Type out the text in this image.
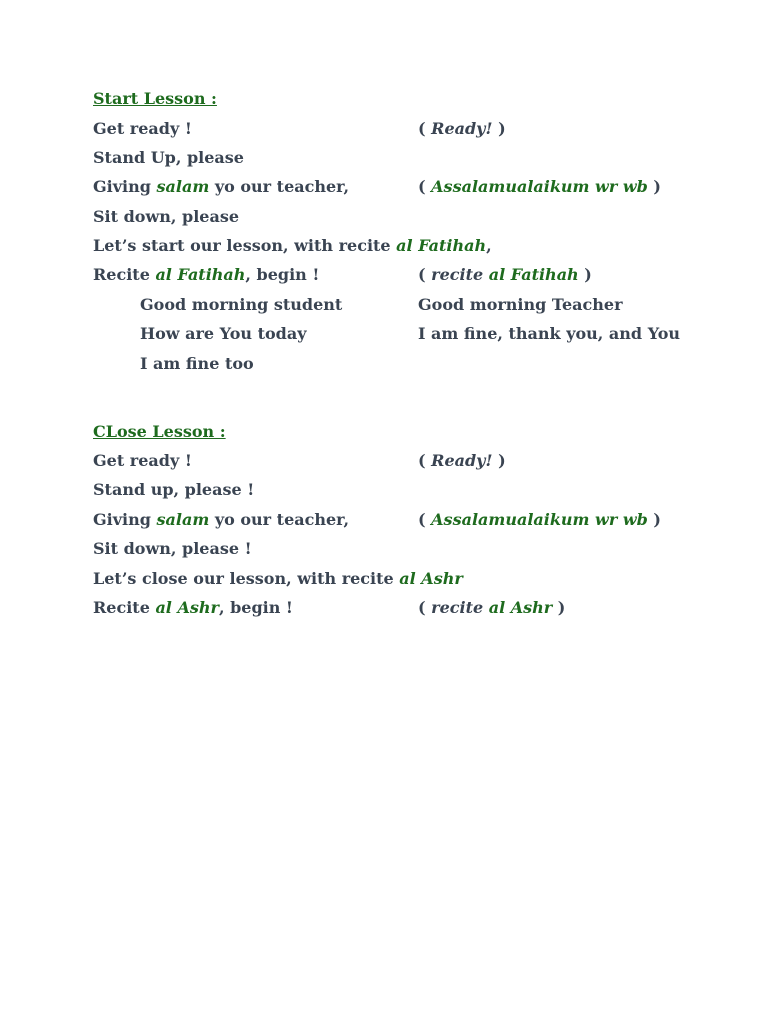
Start Lesson :
Get ready !	( Ready! )
Stand Up, please
Giving salam yo our teacher,	( Assalamualaikum wr wb )
Sit down, please
Let’s start our lesson, with recite al Fatihah,
Recite al Fatihah, begin !	( recite al Fatihah )
Good morning student	Good morning Teacher
How are You today	I am fine, thank you, and You
I am fine too
CLose Lesson :
Get ready !	( Ready! )
Stand up, please !
Giving salam yo our teacher,	( Assalamualaikum wr wb )
Sit down, please !
Let’s close our lesson, with recite al Ashr
Recite al Ashr, begin !	( recite al Ashr )
